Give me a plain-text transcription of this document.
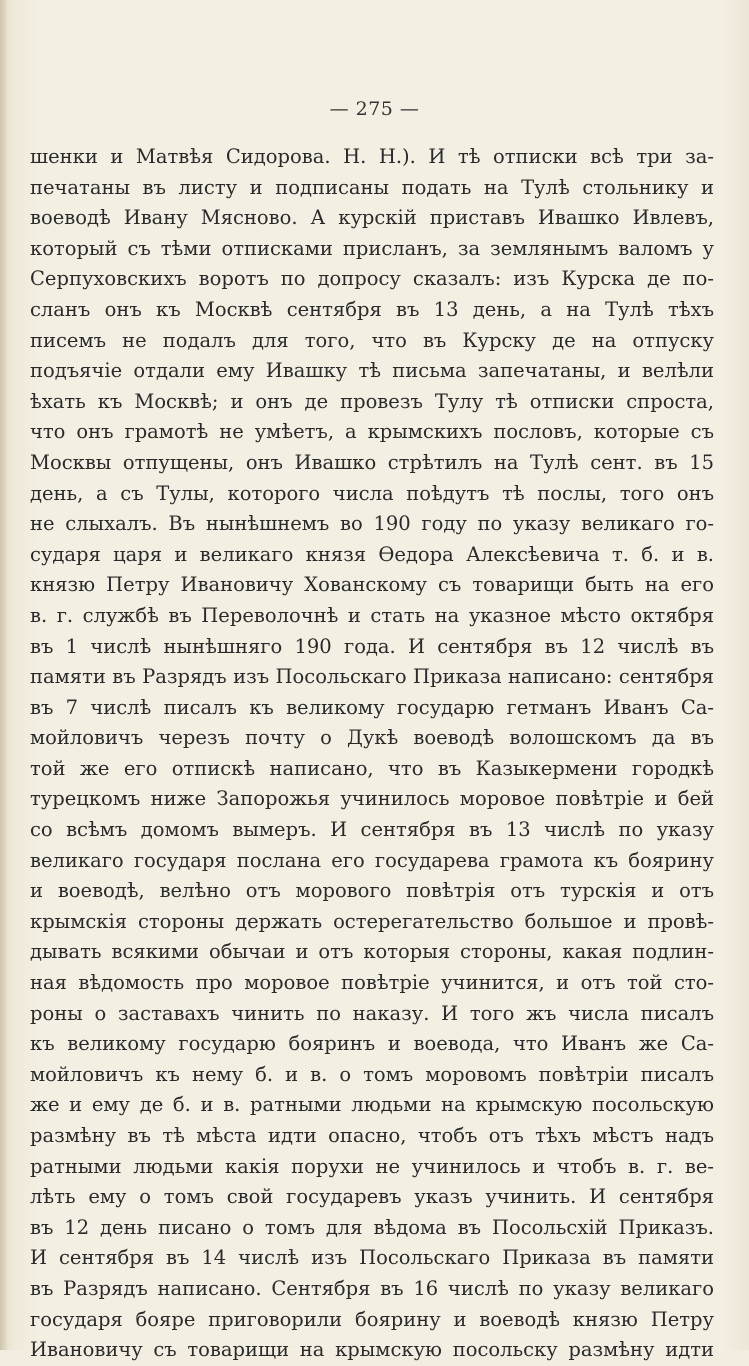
— 275 —
шенки и Матвѣя Сидорова. Н. Н.). И тѣ отписки всѣ три за-
печатаны въ листу и подписаны подать на Тулѣ стольнику и
воеводѣ Ивану Мясново. А курскій приставъ Ивашко Ивлевъ,
который съ тѣми отписками присланъ, за землянымъ валомъ у
Серпуховскихъ воротъ по допросу сказалъ: изъ Курска де по-
сланъ онъ къ Москвѣ сентября въ 13 день, а на Тулѣ тѣхъ
писемъ не подалъ для того, что въ Курску де на отпуску
подъячіе отдали ему Ивашку тѣ письма запечатаны, и велѣли
ѣхать къ Москвѣ; и онъ де провезъ Тулу тѣ отписки спроста,
что онъ грамотѣ не умѣетъ, а крымскихъ пословъ, которые съ
Москвы отпущены, онъ Ивашко стрѣтилъ на Тулѣ сент. въ 15
день, а съ Тулы, которого числа поѣдутъ тѣ послы, того онъ
не слыхалъ. Въ нынѣшнемъ во 190 году по указу великаго го-
сударя царя и великаго князя Ѳедора Алексѣевича т. б. и в.
князю Петру Ивановичу Хованскому съ товарищи быть на его
в. г. службѣ въ Переволочнѣ и стать на указное мѣсто октября
въ 1 числѣ нынѣшняго 190 года. И сентября въ 12 числѣ въ
памяти въ Разрядъ изъ Посольскаго Приказа написано: сентября
въ 7 числѣ писалъ къ великому государю гетманъ Иванъ Са-
мойловичъ черезъ почту о Дукѣ воеводѣ волошскомъ да въ
той же его отпискѣ написано, что въ Казыкермени городкѣ
турецкомъ ниже Запорожья учинилось моровое повѣтріе и бей
со всѣмъ домомъ вымеръ. И сентября въ 13 числѣ по указу
великаго государя послана его государева грамота къ боярину
и воеводѣ, велѣно отъ морового повѣтрія отъ турскія и отъ
крымскія стороны держать остерегательство большое и провѣ-
дывать всякими обычаи и отъ которыя стороны, какая подлин-
ная вѣдомость про моровое повѣтріе учинится, и отъ той сто-
роны о заставахъ чинить по наказу. И того жъ числа писалъ
къ великому государю бояринъ и воевода, что Иванъ же Са-
мойловичъ къ нему б. и в. о томъ моровомъ повѣтріи писалъ
же и ему де б. и в. ратными людьми на крымскую посольскую
размѣну въ тѣ мѣста идти опасно, чтобъ отъ тѣхъ мѣстъ надъ
ратными людьми какія порухи не учинилось и чтобъ в. г. ве-
лѣть ему о томъ свой государевъ указъ учинить. И сентября
въ 12 день писано о томъ для вѣдома въ Посольсхій Приказъ.
И сентября въ 14 числѣ изъ Посольскаго Приказа въ памяти
въ Разрядъ написано. Сентября въ 16 числѣ по указу великаго
государя бояре приговорили боярину и воеводѣ князю Петру
Ивановичу съ товарищи на крымскую посольску размѣну идти
